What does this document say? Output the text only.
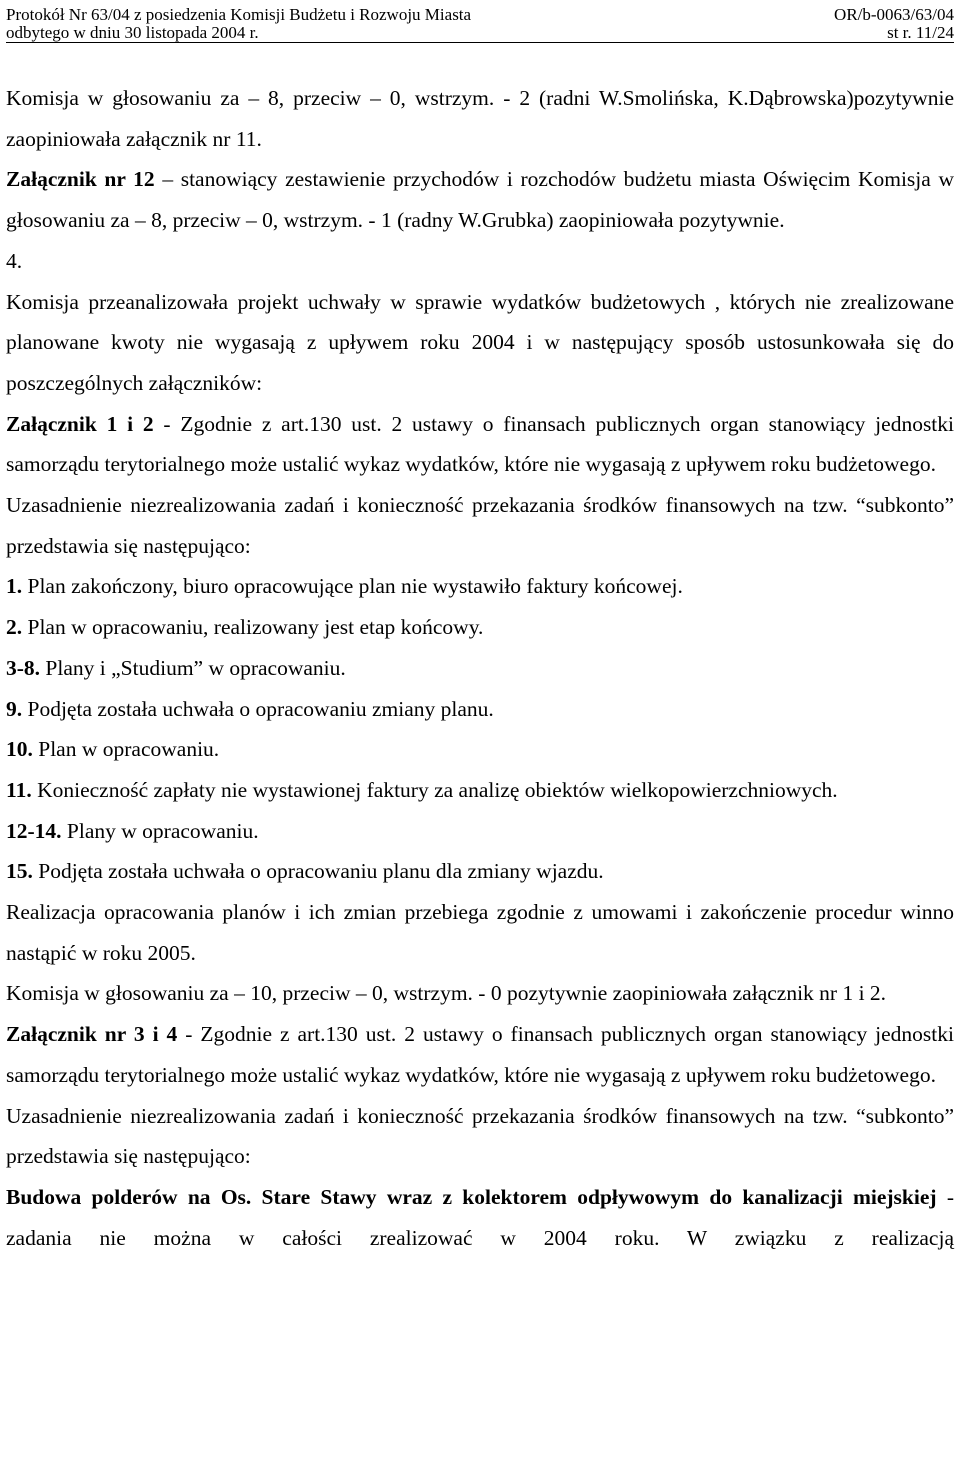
Protokół Nr 63/04 z posiedzenia Komisji Budżetu i Rozwoju Miasta	OR/b-0063/63/04
odbytego w dniu 30 listopada 2004 r.	st r. 11/24

Komisja w głosowaniu za – 8, przeciw – 0, wstrzym. - 2 (radni W.Smolińska, K.Dąbrowska)pozytywnie zaopiniowała załącznik nr 11.

Załącznik nr 12 – stanowiący zestawienie przychodów i rozchodów budżetu miasta Oświęcim Komisja w głosowaniu za – 8, przeciw – 0, wstrzym. - 1 (radny W.Grubka) zaopiniowała pozytywnie.

4.

Komisja przeanalizowała projekt uchwały w sprawie wydatków budżetowych , których nie zrealizowane planowane kwoty nie wygasają z upływem roku 2004 i w następujący sposób ustosunkowała się do poszczególnych załączników:

Załącznik 1 i 2 - Zgodnie z art.130 ust. 2 ustawy o finansach publicznych organ stanowiący jednostki samorządu terytorialnego może ustalić wykaz wydatków, które nie wygasają z upływem roku budżetowego.

Uzasadnienie niezrealizowania zadań i konieczność przekazania środków finansowych na tzw. “subkonto” przedstawia się następująco:

1. Plan zakończony, biuro opracowujące plan nie wystawiło faktury końcowej.

2. Plan w opracowaniu, realizowany jest etap końcowy.

3-8. Plany i „Studium” w opracowaniu.

9. Podjęta została uchwała o opracowaniu zmiany planu.

10. Plan w opracowaniu.

11. Konieczność zapłaty nie wystawionej faktury za analizę obiektów wielkopowierzchniowych.

12-14. Plany w opracowaniu.

15. Podjęta została uchwała o opracowaniu planu dla zmiany wjazdu.

Realizacja opracowania planów i ich zmian przebiega zgodnie z umowami i zakończenie procedur winno nastąpić w roku 2005.

Komisja w głosowaniu za – 10, przeciw – 0, wstrzym. - 0 pozytywnie zaopiniowała załącznik nr 1 i 2.

Załącznik nr 3 i 4 - Zgodnie z art.130 ust. 2 ustawy o finansach publicznych organ stanowiący jednostki samorządu terytorialnego może ustalić wykaz wydatków, które nie wygasają z upływem roku budżetowego.

Uzasadnienie niezrealizowania zadań i konieczność przekazania środków finansowych na tzw. “subkonto” przedstawia się następująco:

Budowa polderów na Os. Stare Stawy wraz z kolektorem odpływowym do kanalizacji miejskiej - zadania nie można w całości zrealizować w 2004 roku. W związku z realizacją
